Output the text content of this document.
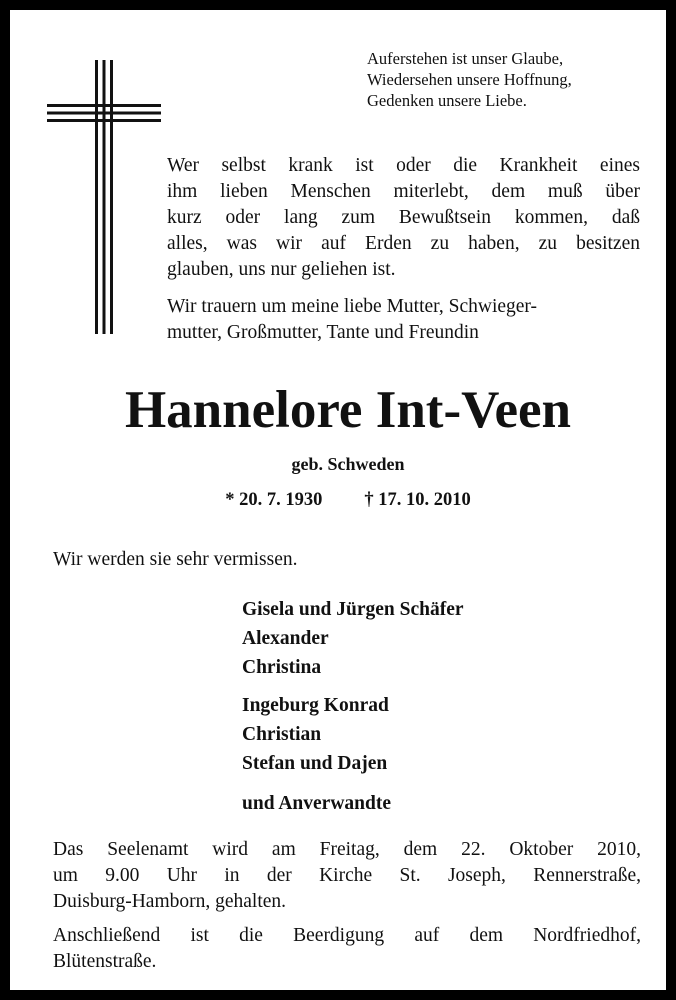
Auferstehen ist unser Glaube,
Wiedersehen unsere Hoffnung,
Gedenken unsere Liebe.

Wer selbst krank ist oder die Krankheit eines
ihm lieben Menschen miterlebt, dem muß über
kurz oder lang zum Bewußtsein kommen, daß
alles, was wir auf Erden zu haben, zu besitzen
glauben, uns nur geliehen ist.

Wir trauern um meine liebe Mutter, Schwieger-
mutter, Großmutter, Tante und Freundin

Hannelore Int-Veen
geb. Schweden
* 20. 7. 1930 † 17. 10. 2010
Wir werden sie sehr vermissen.
Gisela und Jürgen Schäfer
Alexander
Christina
Ingeburg Konrad
Christian
Stefan und Dajen
und Anverwandte
Das Seelenamt wird am Freitag, dem 22. Oktober 2010,
um 9.00 Uhr in der Kirche St. Joseph, Rennerstraße,
Duisburg-Hamborn, gehalten.
Anschließend ist die Beerdigung auf dem Nordfriedhof,
Blütenstraße.
